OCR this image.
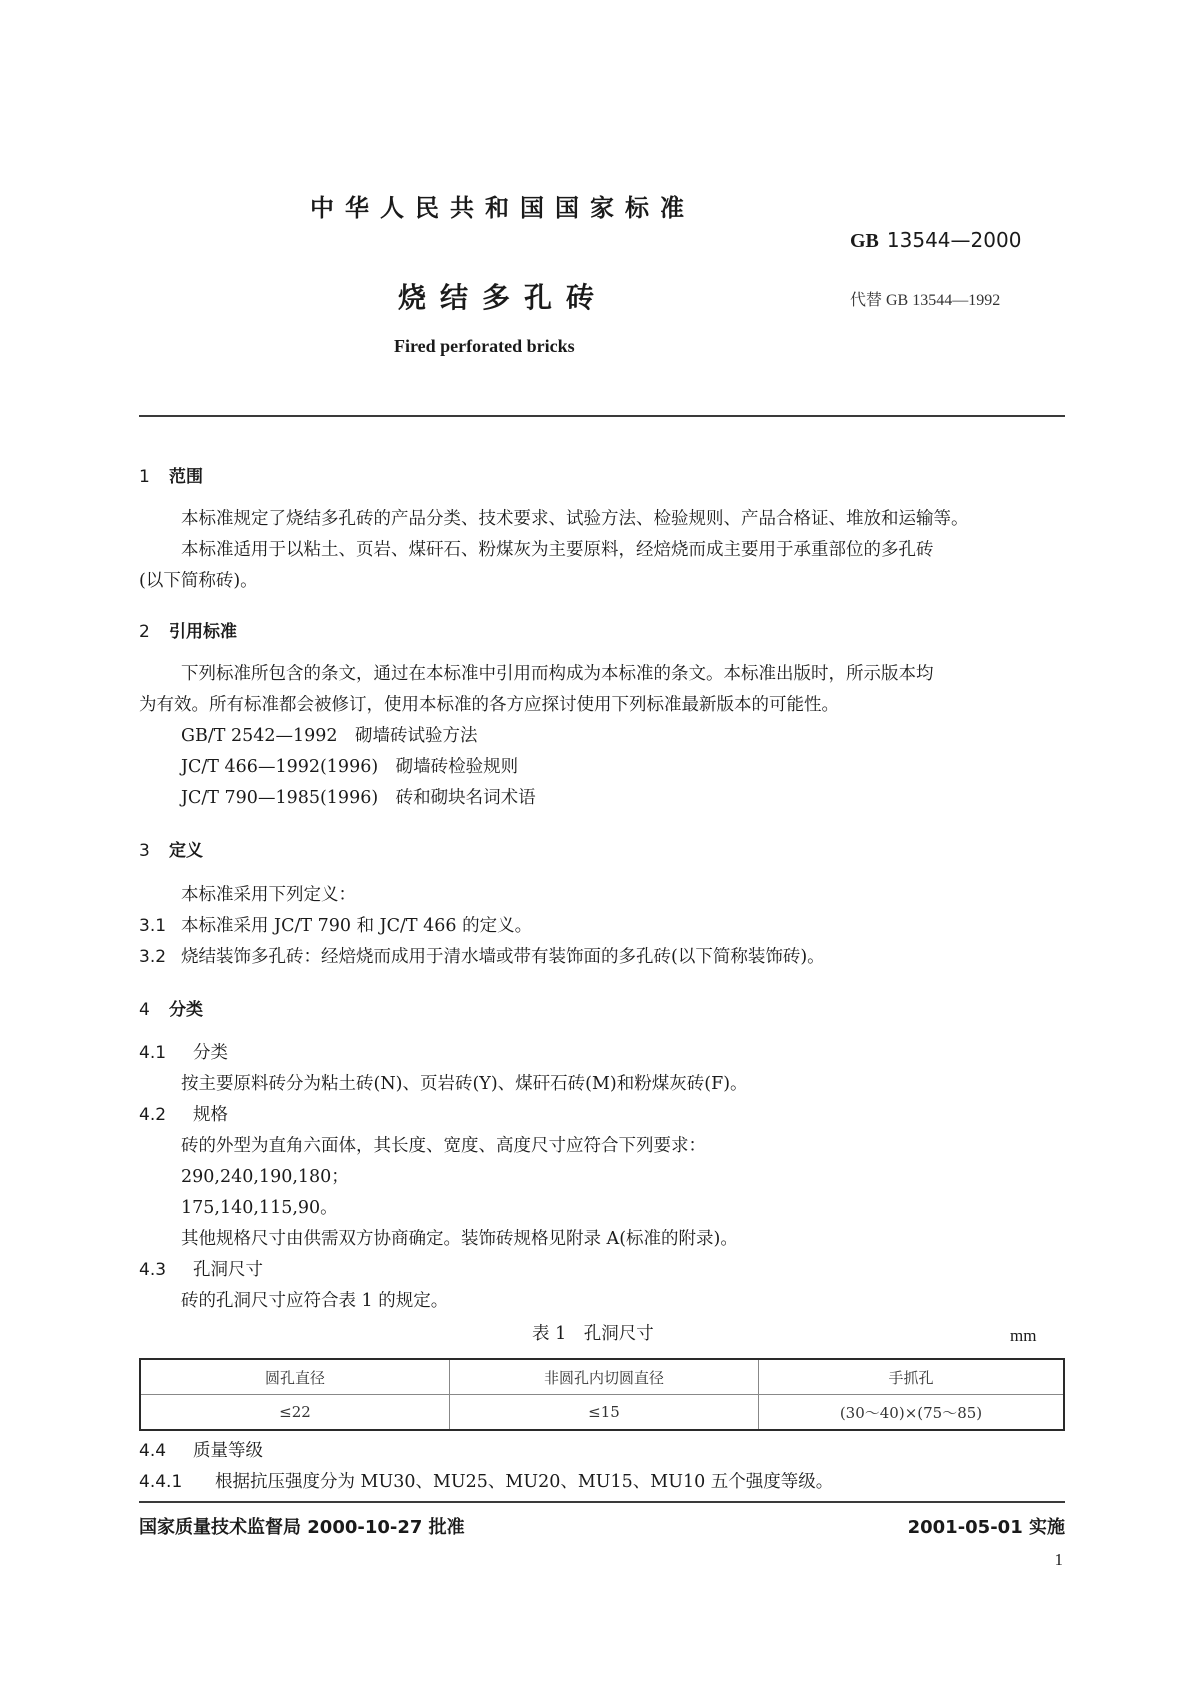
中华人民共和国国家标准
GB 13544—2000
烧结多孔砖	代替 GB 13544—1992
Fired perforated bricks
1 范围
本标准规定了烧结多孔砖的产品分类、技术要求、试验方法、检验规则、产品合格证、堆放和运输等。
本标准适用于以粘土、页岩、煤矸石、粉煤灰为主要原料，经焙烧而成主要用于承重部位的多孔砖
(以下简称砖)。
2 引用标准
下列标准所包含的条文，通过在本标准中引用而构成为本标准的条文。本标准出版时，所示版本均
为有效。所有标准都会被修订，使用本标准的各方应探讨使用下列标准最新版本的可能性。
GB/T 2542—1992　 砌墙砖试验方法
JC/T 466—1992(1996)　 砌墙砖检验规则
JC/T 790—1985(1996)　 砖和砌块名词术语
3 定义
本标准采用下列定义：
3.1 本标准采用 JC/T 790 和 JC/T 466 的定义。
3.2 烧结装饰多孔砖：经焙烧而成用于清水墙或带有装饰面的多孔砖(以下简称装饰砖)。
4 分类
4.1 分类
按主要原料砖分为粘土砖(N)、页岩砖(Y)、煤矸石砖(M)和粉煤灰砖(F)。
4.2 规格
砖的外型为直角六面体，其长度、宽度、高度尺寸应符合下列要求：
290,240,190,180；
175,140,115,90。
其他规格尺寸由供需双方协商确定。装饰砖规格见附录 A(标准的附录)。
4.3 孔洞尺寸
砖的孔洞尺寸应符合表 1 的规定。
表 1　孔洞尺寸	mm
圆孔直径	非圆孔内切圆直径	手抓孔
≤22	≤15	(30～40)×(75～85)
4.4 质量等级
4.4.1 根据抗压强度分为 MU30、MU25、MU20、MU15、MU10 五个强度等级。
国家质量技术监督局 2000-10-27 批准	2001-05-01 实施
1
